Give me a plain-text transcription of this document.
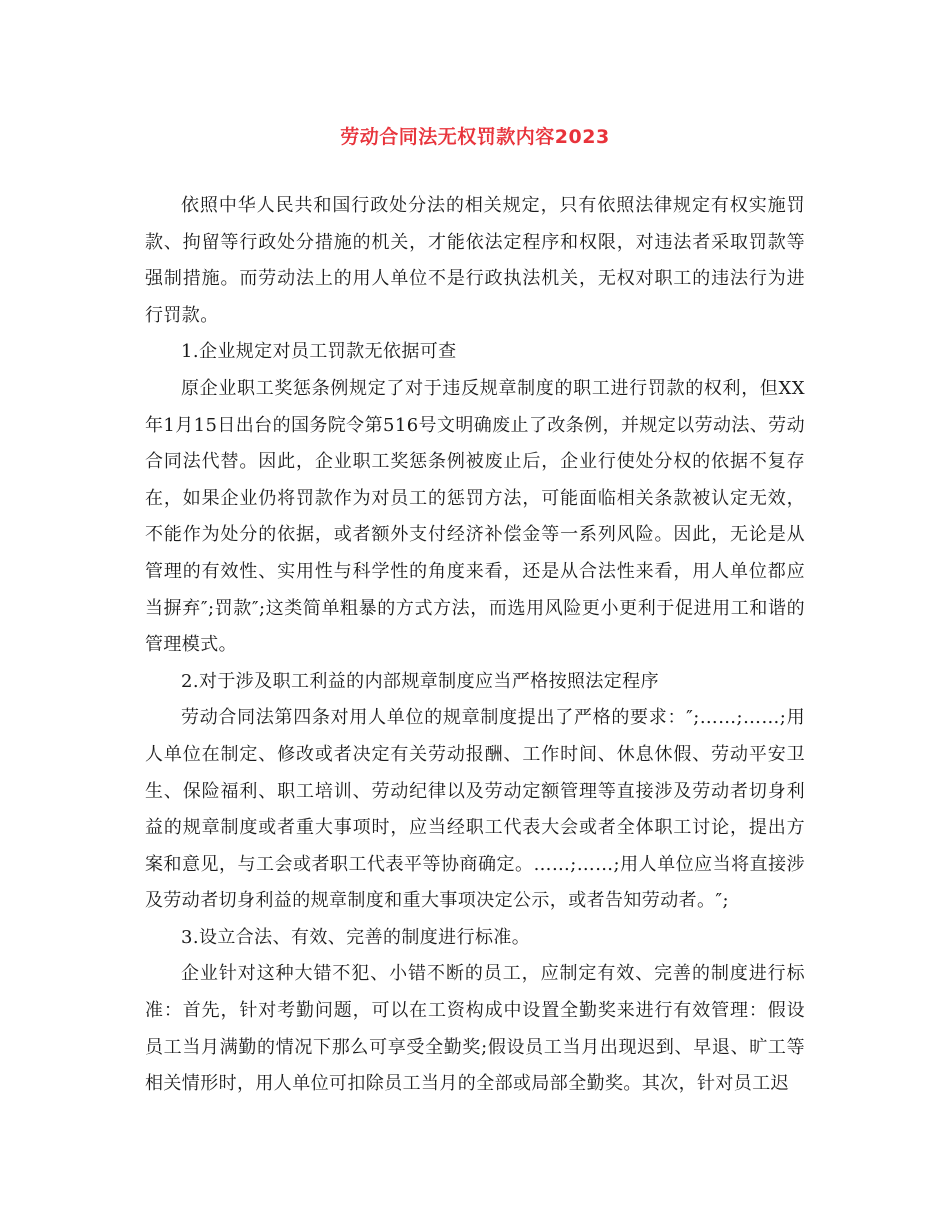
劳动合同法无权罚款内容2023

依照中华人民共和国行政处分法的相关规定，只有依照法律规定有权实施罚款、拘留等行政处分措施的机关，才能依法定程序和权限，对违法者采取罚款等强制措施。而劳动法上的用人单位不是行政执法机关，无权对职工的违法行为进行罚款。

1.企业规定对员工罚款无依据可查

原企业职工奖惩条例规定了对于违反规章制度的职工进行罚款的权利，但XX年1月15日出台的国务院令第516号文明确废止了改条例，并规定以劳动法、劳动合同法代替。因此，企业职工奖惩条例被废止后，企业行使处分权的依据不复存在，如果企业仍将罚款作为对员工的惩罚方法，可能面临相关条款被认定无效，不能作为处分的依据，或者额外支付经济补偿金等一系列风险。因此，无论是从管理的有效性、实用性与科学性的角度来看，还是从合法性来看，用人单位都应当摒弃″;罚款″;这类简单粗暴的方式方法，而选用风险更小更利于促进用工和谐的管理模式。

2.对于涉及职工利益的内部规章制度应当严格按照法定程序

劳动合同法第四条对用人单位的规章制度提出了严格的要求：″;……;……;用人单位在制定、修改或者决定有关劳动报酬、工作时间、休息休假、劳动平安卫生、保险福利、职工培训、劳动纪律以及劳动定额管理等直接涉及劳动者切身利益的规章制度或者重大事项时，应当经职工代表大会或者全体职工讨论，提出方案和意见，与工会或者职工代表平等协商确定。……;……;用人单位应当将直接涉及劳动者切身利益的规章制度和重大事项决定公示，或者告知劳动者。″;

3.设立合法、有效、完善的制度进行标准。

企业针对这种大错不犯、小错不断的员工，应制定有效、完善的制度进行标准：首先，针对考勤问题，可以在工资构成中设置全勤奖来进行有效管理：假设员工当月满勤的情况下那么可享受全勤奖;假设员工当月出现迟到、早退、旷工等相关情形时，用人单位可扣除员工当月的全部或局部全勤奖。其次，针对员工迟
